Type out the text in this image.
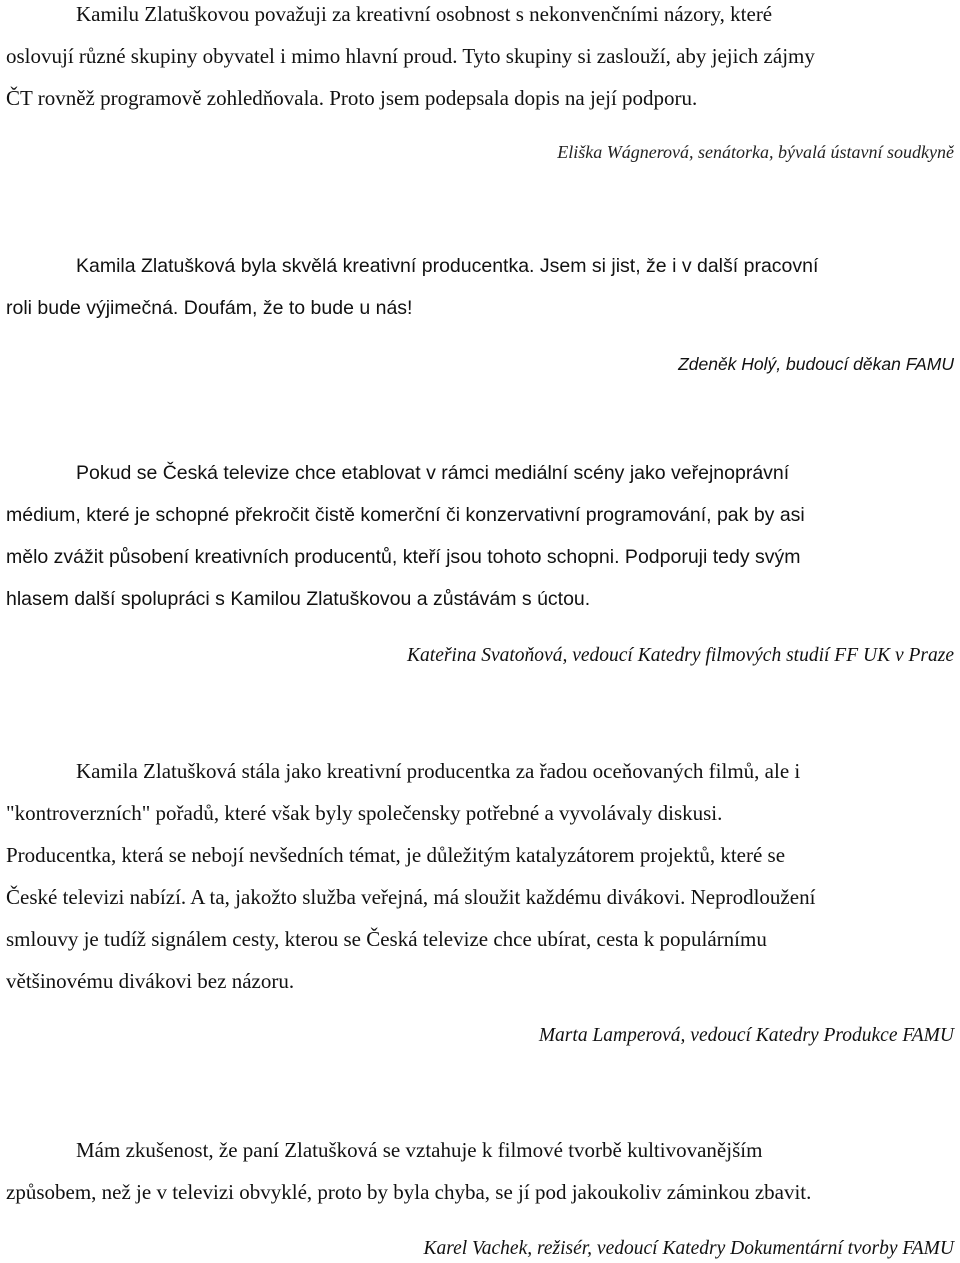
Kamilu Zlatuškovou považuji za kreativní osobnost s nekonvenčními názory, které
oslovují různé skupiny obyvatel i mimo hlavní proud. Tyto skupiny si zaslouží, aby jejich zájmy
ČT rovněž programově zohledňovala. Proto jsem podepsala dopis na její podporu.

Eliška Wágnerová, senátorka, bývalá ústavní soudkyně

Kamila Zlatušková byla skvělá kreativní producentka. Jsem si jist, že i v další pracovní
roli bude výjimečná. Doufám, že to bude u nás!

Zdeněk Holý, budoucí děkan FAMU

Pokud se Česká televize chce etablovat v rámci mediální scény jako veřejnoprávní
médium, které je schopné překročit čistě komerční či konzervativní programování, pak by asi
mělo zvážit působení kreativních producentů, kteří jsou tohoto schopni. Podporuji tedy svým
hlasem další spolupráci s Kamilou Zlatuškovou a zůstávám s úctou.

Kateřina Svatoňová, vedoucí Katedry filmových studií FF UK v Praze

Kamila Zlatušková stála jako kreativní producentka za řadou oceňovaných filmů, ale i
"kontroverzních" pořadů, které však byly společensky potřebné a vyvolávaly diskusi.
Producentka, která se nebojí nevšedních témat, je důležitým katalyzátorem projektů, které se
České televizi nabízí. A ta, jakožto služba veřejná, má sloužit každému divákovi. Neprodloužení
smlouvy je tudíž signálem cesty, kterou se Česká televize chce ubírat, cesta k populárnímu
většinovému divákovi bez názoru.

Marta Lamperová, vedoucí Katedry Produkce FAMU

Mám zkušenost, že paní Zlatušková se vztahuje k filmové tvorbě kultivovanějším
způsobem, než je v televizi obvyklé, proto by byla chyba, se jí pod jakoukoliv záminkou zbavit.

Karel Vachek, režisér, vedoucí Katedry Dokumentární tvorby FAMU
